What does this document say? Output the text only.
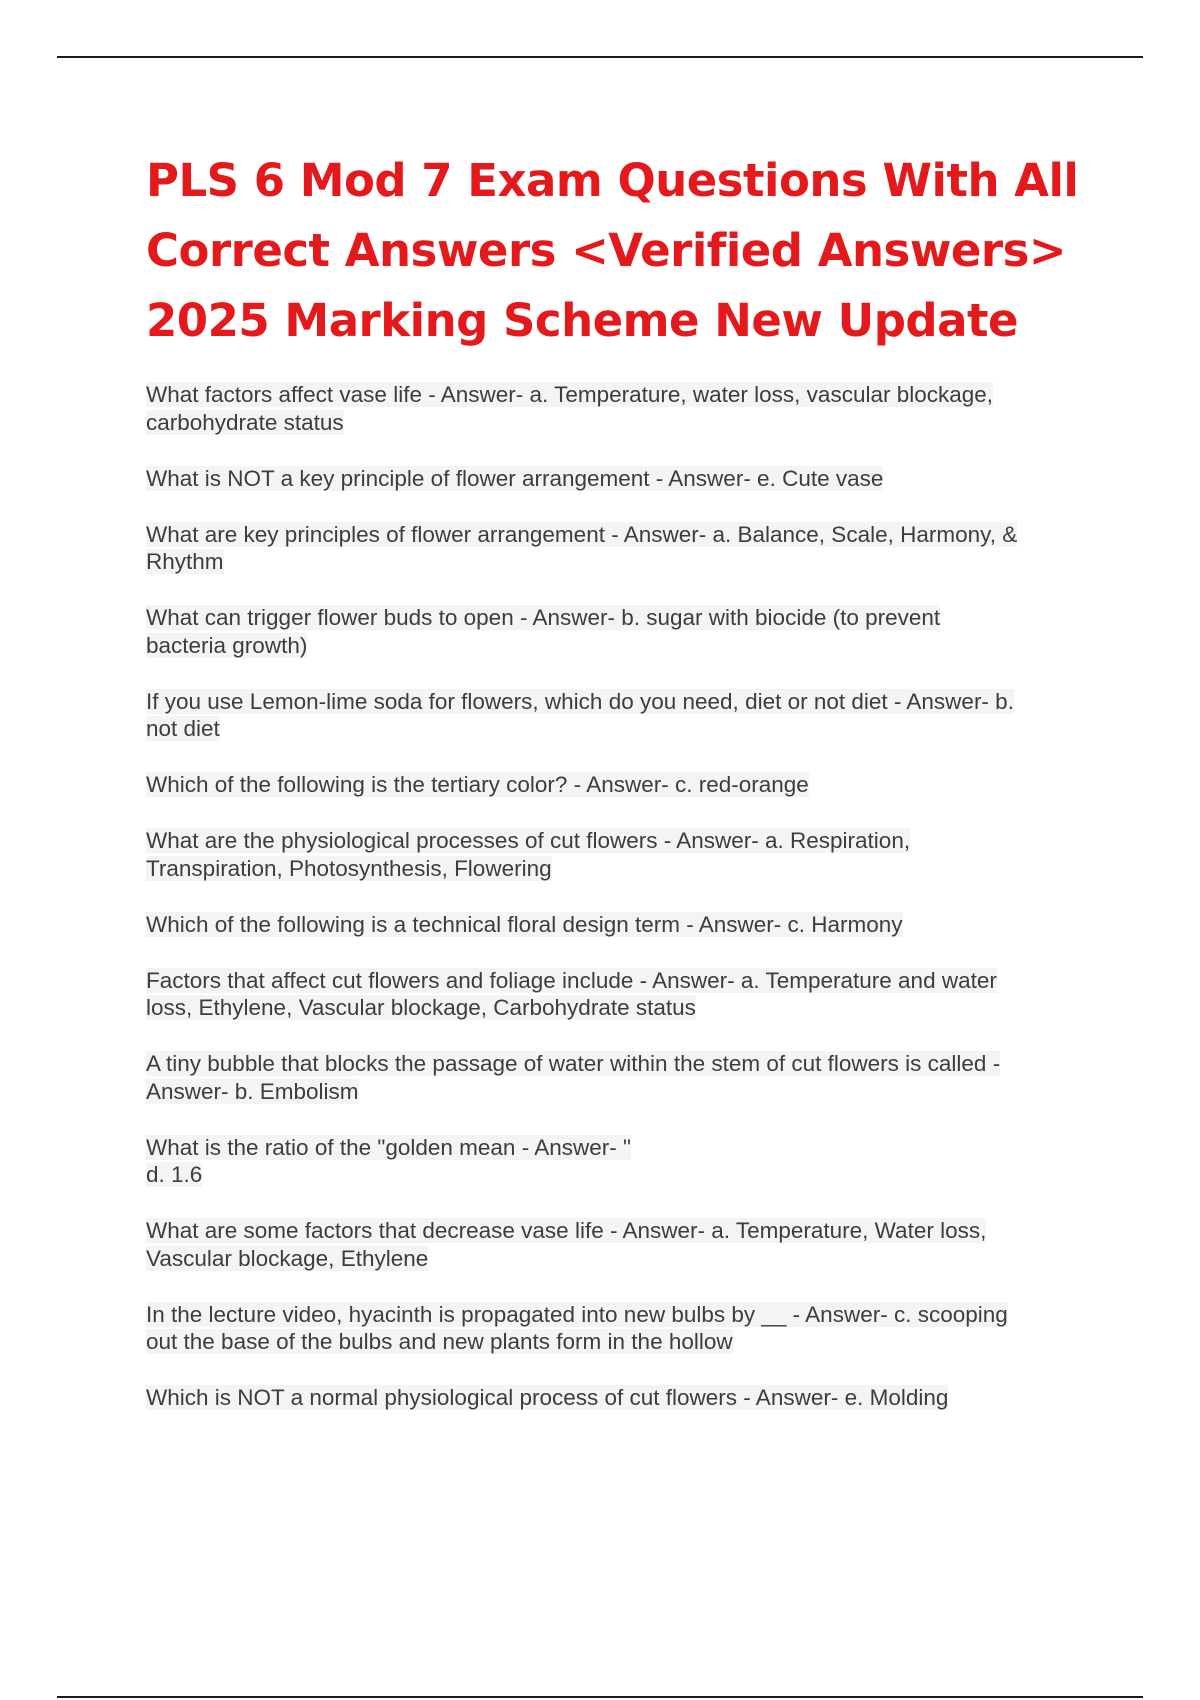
PLS 6 Mod 7 Exam Questions With All
Correct Answers <Verified Answers>
2025 Marking Scheme New Update
What factors affect vase life - Answer- a. Temperature, water loss, vascular blockage,
carbohydrate status
What is NOT a key principle of flower arrangement - Answer- e. Cute vase
What are key principles of flower arrangement - Answer- a. Balance, Scale, Harmony, &
Rhythm
What can trigger flower buds to open - Answer- b. sugar with biocide (to prevent
bacteria growth)
If you use Lemon-lime soda for flowers, which do you need, diet or not diet - Answer- b.
not diet
Which of the following is the tertiary color? - Answer- c. red-orange
What are the physiological processes of cut flowers - Answer- a. Respiration,
Transpiration, Photosynthesis, Flowering
Which of the following is a technical floral design term - Answer- c. Harmony
Factors that affect cut flowers and foliage include - Answer- a. Temperature and water
loss, Ethylene, Vascular blockage, Carbohydrate status
A tiny bubble that blocks the passage of water within the stem of cut flowers is called -
Answer- b. Embolism
What is the ratio of the "golden mean - Answer- "
d. 1.6
What are some factors that decrease vase life - Answer- a. Temperature, Water loss,
Vascular blockage, Ethylene
In the lecture video, hyacinth is propagated into new bulbs by __ - Answer- c. scooping
out the base of the bulbs and new plants form in the hollow
Which is NOT a normal physiological process of cut flowers - Answer- e. Molding
